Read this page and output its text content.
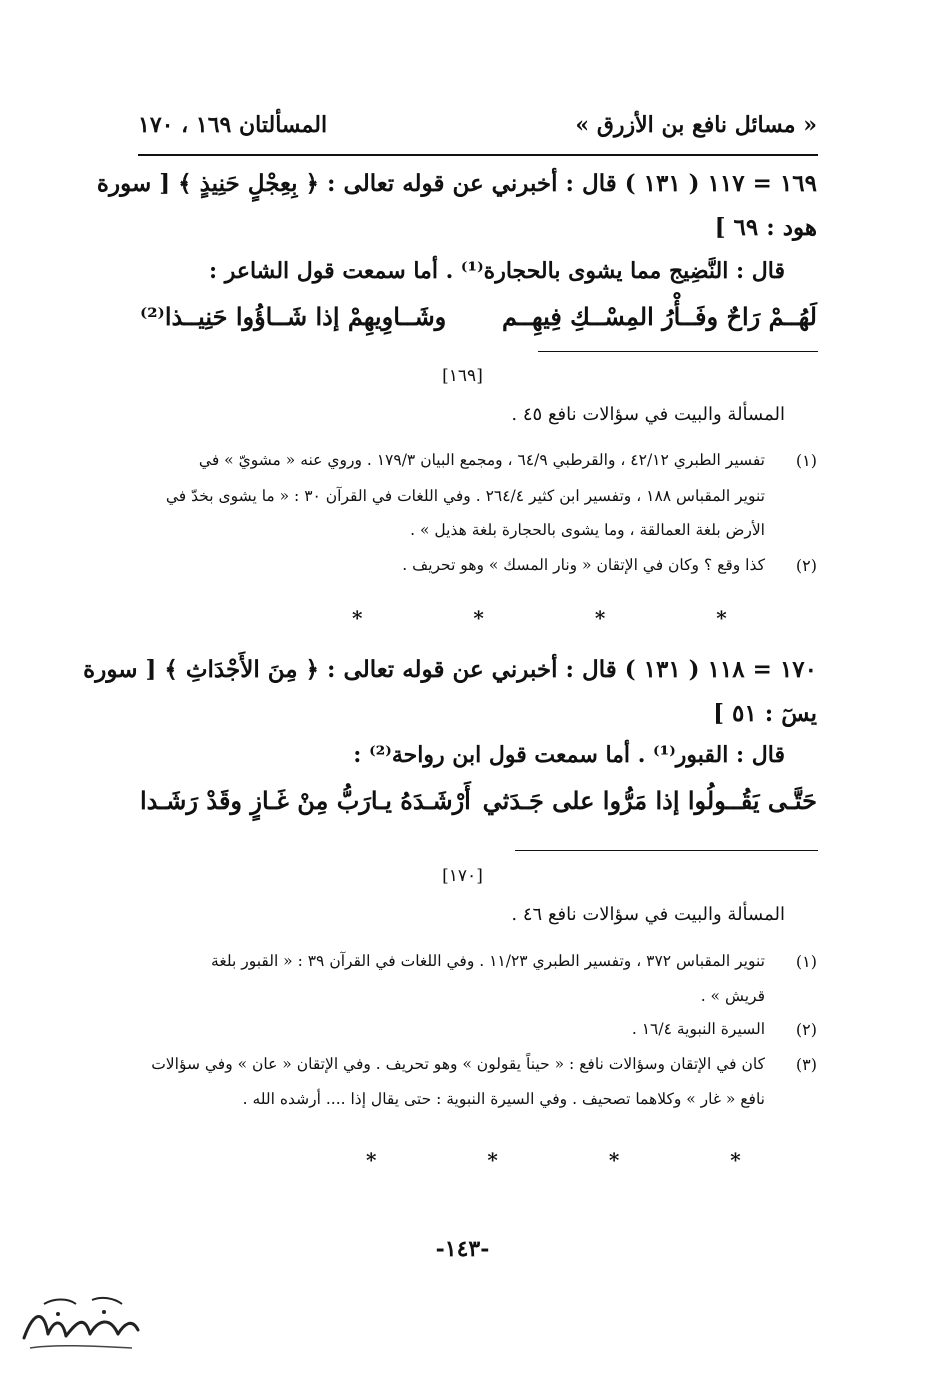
« مسائل نافع بن الأزرق »
المسألتان ١٦٩ ، ١٧٠
١٦٩ = ١١٧ ( ١٣١ ) قال : أخبرني عن قوله تعالى : ﴿ بِعِجْلٍ حَنِيذٍ ﴾ [ سورة
هود : ٦٩ ]
قال : النَّضِيج مما يشوى بالحجارة⁽¹⁾ . أما سمعت قول الشاعر :
لَهُــمْ رَاحٌ وفَــأْرُ المِسْــكِ فِيهِــم
وشَــاوِيهِمْ إذا شَــاؤُوا حَنِيــذا⁽²⁾
[١٦٩]
المسألة والبيت في سؤالات نافع ٤٥ .
(١)
تفسير الطبري ٤٢/١٢ ، والقرطبي ٦٤/٩ ، ومجمع البيان ١٧٩/٣ . وروي عنه « مشويّ » في
تنوير المقباس ١٨٨ ، وتفسير ابن كثير ٢٦٤/٤ . وفي اللغات في القرآن ٣٠ : « ما يشوى بخدّ في
الأرض بلغة العمالقة ، وما يشوى بالحجارة بلغة هذيل » .
(٢)
كذا وقع ؟ وكان في الإتقان « ونار المسك » وهو تحريف .
* * * *
١٧٠ = ١١٨ ( ١٣١ ) قال : أخبرني عن قوله تعالى : ﴿ مِنَ الأَجْدَاثِ ﴾ [ سورة
يسٓ : ٥١ ]
قال : القبور⁽¹⁾ . أما سمعت قول ابن رواحة⁽²⁾ :
حَتَّـى يَقُــولُوا إذا مَرُّوا على جَـدَثي
أَرْشَـدَهُ يـارَبُّ مِنْ غَـازٍ وقَدْ رَشَـدا
[١٧٠]
المسألة والبيت في سؤالات نافع ٤٦ .
(١)
تنوير المقباس ٣٧٢ ، وتفسير الطبري ١١/٢٣ . وفي اللغات في القرآن ٣٩ : « القبور بلغة
قريش » .
(٢)
السيرة النبوية ١٦/٤ .
(٣)
كان في الإتقان وسؤالات نافع : « حيناً يقولون » وهو تحريف . وفي الإتقان « عان » وفي سؤالات
نافع « غار » وكلاهما تصحيف . وفي السيرة النبوية : حتى يقال إذا .... أرشده الله .
* * * *
-١٤٣-
